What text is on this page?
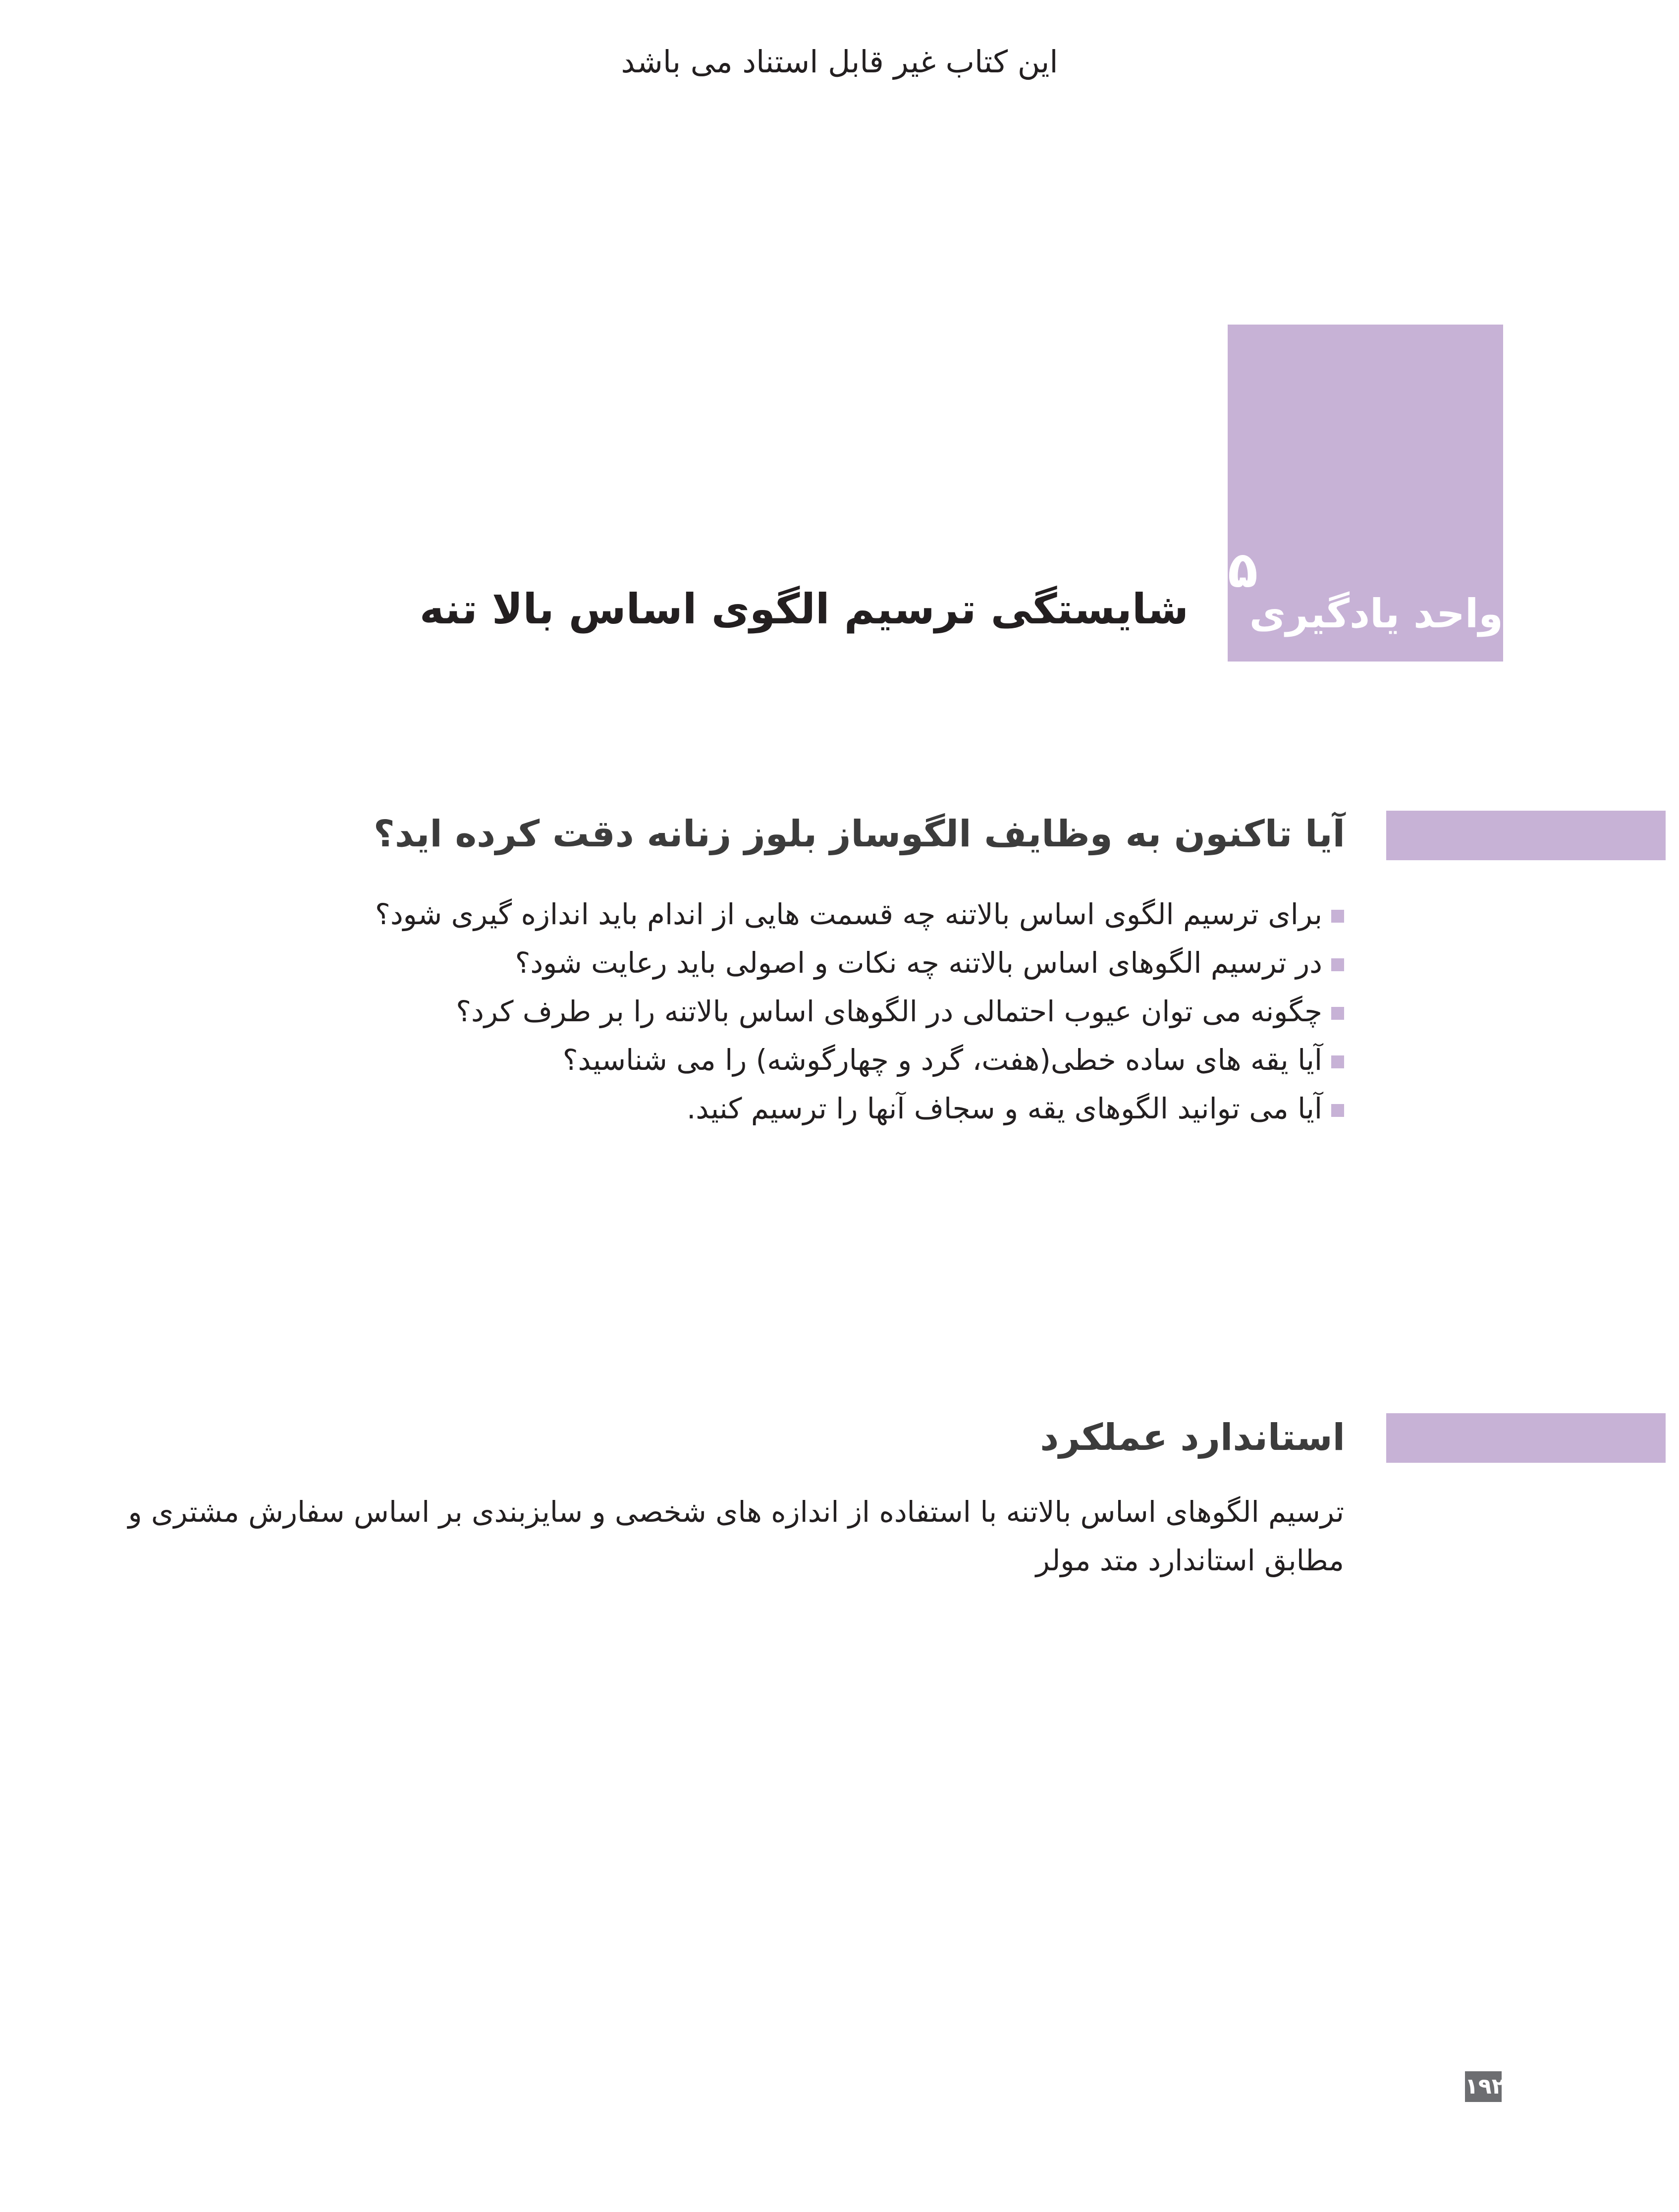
این کتاب غیر قابل استناد می باشد
۵
واحد یادگیری
شایستگی ترسیم الگوی اساس بالا تنه
آیا تاکنون به وظایف الگوساز بلوز زنانه دقت کرده اید؟
برای ترسیم الگوی اساس بالاتنه چه قسمت هایی از اندام باید اندازه گیری شود؟
در ترسیم الگوهای اساس بالاتنه چه نکات و اصولی باید رعایت شود؟
چگونه می توان عیوب احتمالی در الگوهای اساس بالاتنه را بر طرف کرد؟
آیا یقه های ساده خطی(هفت، گرد و چهارگوشه) را می شناسید؟
آیا می توانید الگوهای یقه و سجاف آنها را ترسیم کنید.
استاندارد عملکرد
ترسیم الگوهای اساس بالاتنه با استفاده از اندازه های شخصی و سایزبندی بر اساس سفارش مشتری و
مطابق استاندارد متد مولر
۱۹۲
